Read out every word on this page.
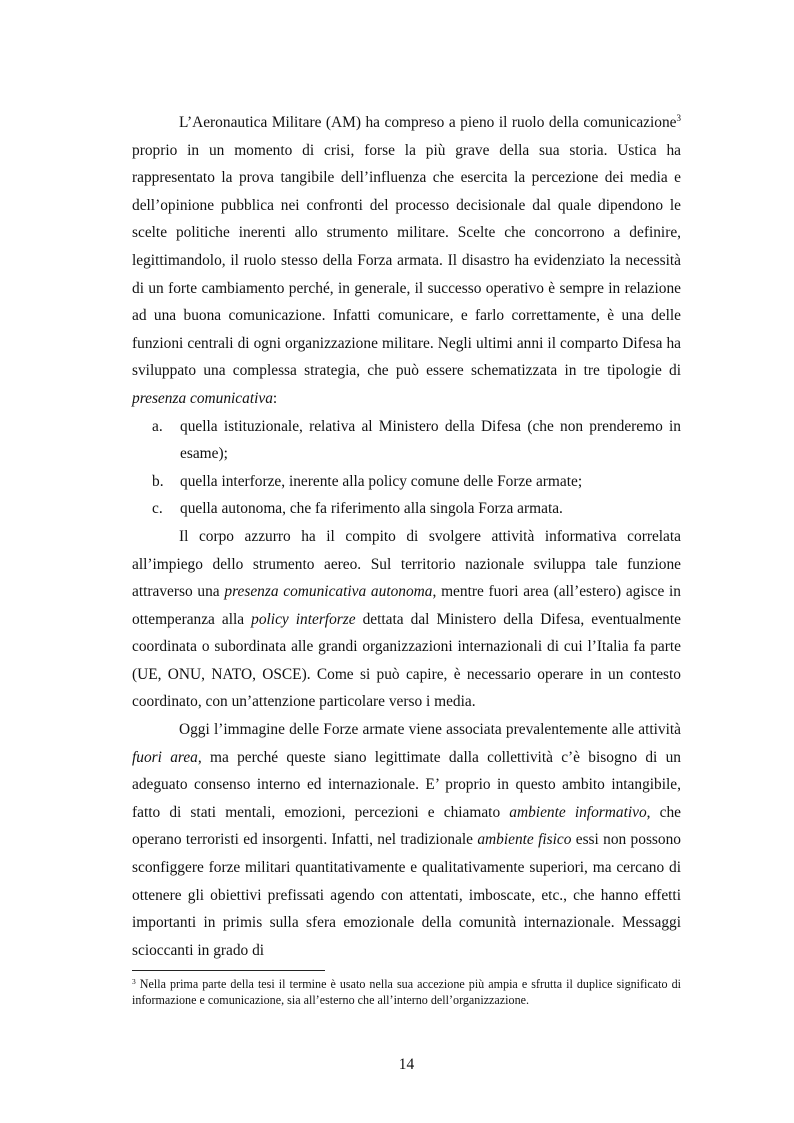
L’Aeronautica Militare (AM) ha compreso a pieno il ruolo della comunicazione$^3$ proprio in un momento di crisi, forse la più grave della sua storia. Ustica ha rappresentato la prova tangibile dell’influenza che esercita la percezione dei media e dell’opinione pubblica nei confronti del processo decisionale dal quale dipendono le scelte politiche inerenti allo strumento militare. Scelte che concorrono a definire, legittimandolo, il ruolo stesso della Forza armata. Il disastro ha evidenziato la necessità di un forte cambiamento perché, in generale, il successo operativo è sempre in relazione ad una buona comunicazione. Infatti comunicare, e farlo correttamente, è una delle funzioni centrali di ogni organizzazione militare. Negli ultimi anni il comparto Difesa ha sviluppato una complessa strategia, che può essere schematizzata in tre tipologie di presenza comunicativa:

a. quella istituzionale, relativa al Ministero della Difesa (che non prenderemo in esame);
b. quella interforze, inerente alla policy comune delle Forze armate;
c. quella autonoma, che fa riferimento alla singola Forza armata.

Il corpo azzurro ha il compito di svolgere attività informativa correlata all’impiego dello strumento aereo. Sul territorio nazionale sviluppa tale funzione attraverso una presenza comunicativa autonoma, mentre fuori area (all’estero) agisce in ottemperanza alla policy interforze dettata dal Ministero della Difesa, eventualmente coordinata o subordinata alle grandi organizzazioni internazionali di cui l’Italia fa parte (UE, ONU, NATO, OSCE). Come si può capire, è necessario operare in un contesto coordinato, con un’attenzione particolare verso i media.

Oggi l’immagine delle Forze armate viene associata prevalentemente alle attività fuori area, ma perché queste siano legittimate dalla collettività c’è bisogno di un adeguato consenso interno ed internazionale. E’ proprio in questo ambito intangibile, fatto di stati mentali, emozioni, percezioni e chiamato ambiente informativo, che operano terroristi ed insorgenti. Infatti, nel tradizionale ambiente fisico essi non possono sconfiggere forze militari quantitativamente e qualitativamente superiori, ma cercano di ottenere gli obiettivi prefissati agendo con attentati, imboscate, etc., che hanno effetti importanti in primis sulla sfera emozionale della comunità internazionale. Messaggi scioccanti in grado di

$^3$ Nella prima parte della tesi il termine è usato nella sua accezione più ampia e sfrutta il duplice significato di informazione e comunicazione, sia all’esterno che all’interno dell’organizzazione.
14
